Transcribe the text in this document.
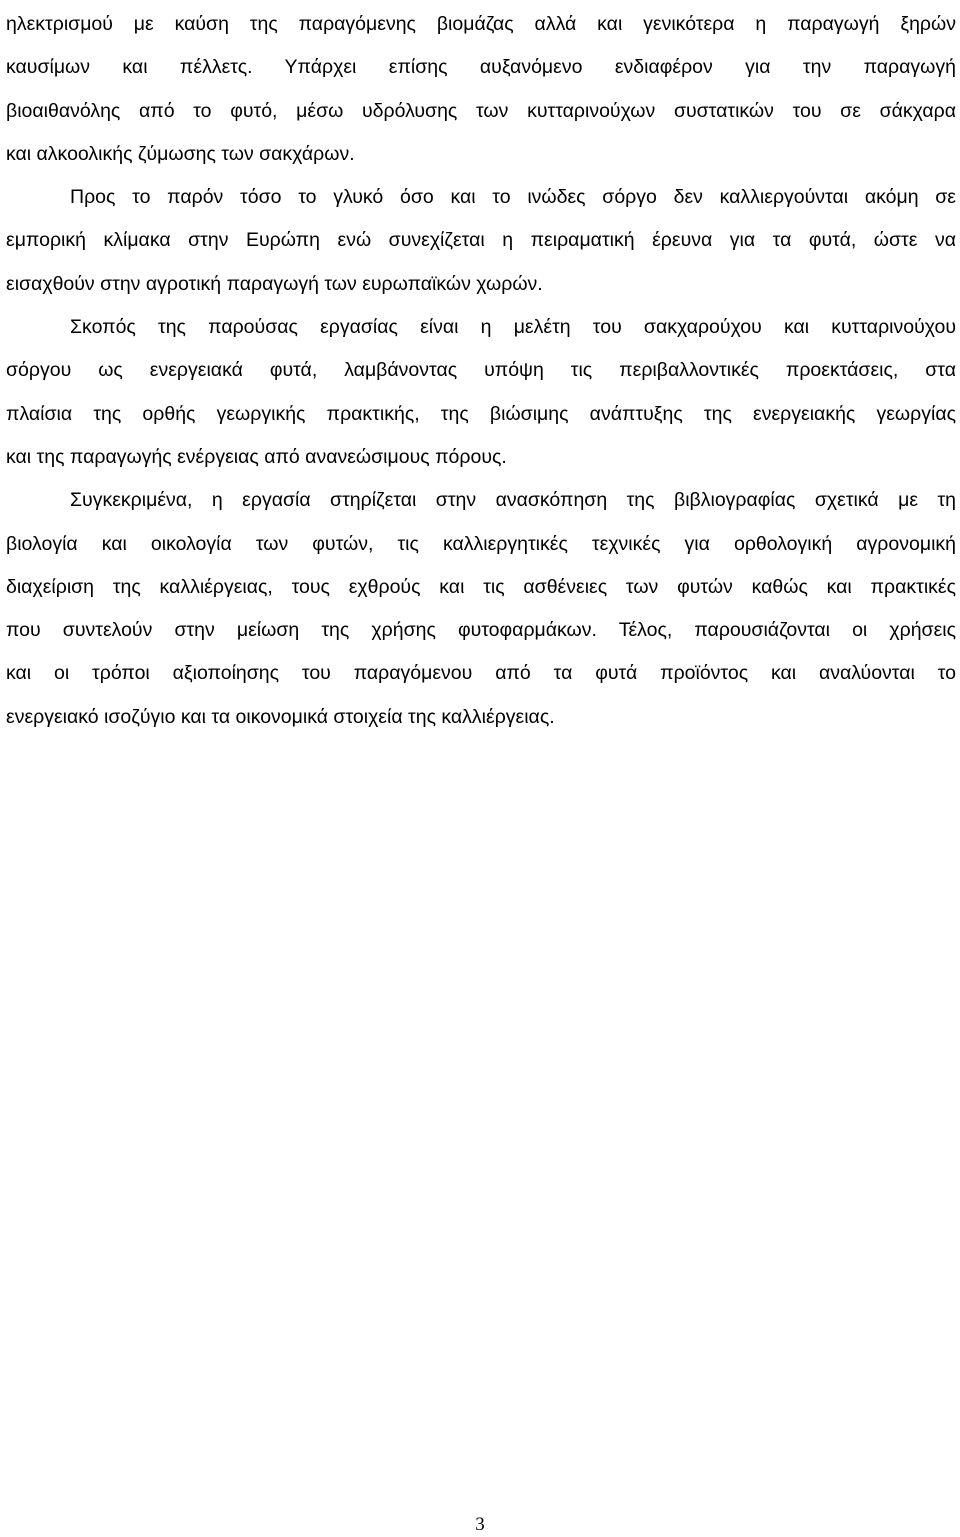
ηλεκτρισμού με καύση της παραγόμενης βιομάζας αλλά και γενικότερα η παραγωγή ξηρών
καυσίμων και πέλλετς. Υπάρχει επίσης αυξανόμενο ενδιαφέρον για την παραγωγή
βιοαιθανόλης από το φυτό, μέσω υδρόλυσης των κυτταρινούχων συστατικών του σε σάκχαρα
και αλκοολικής ζύμωσης των σακχάρων.

Προς το παρόν τόσο το γλυκό όσο και το ινώδες σόργο δεν καλλιεργούνται ακόμη σε
εμπορική κλίμακα στην Ευρώπη ενώ συνεχίζεται η πειραματική έρευνα για τα φυτά, ώστε να
εισαχθούν στην αγροτική παραγωγή των ευρωπαϊκών χωρών.

Σκοπός της παρούσας εργασίας είναι η μελέτη του σακχαρούχου και κυτταρινούχου
σόργου ως ενεργειακά φυτά, λαμβάνοντας υπόψη τις περιβαλλοντικές προεκτάσεις, στα
πλαίσια της ορθής γεωργικής πρακτικής, της βιώσιμης ανάπτυξης της ενεργειακής γεωργίας
και της παραγωγής ενέργειας από ανανεώσιμους πόρους.

Συγκεκριμένα, η εργασία στηρίζεται στην ανασκόπηση της βιβλιογραφίας σχετικά με τη
βιολογία και οικολογία των φυτών, τις καλλιεργητικές τεχνικές για ορθολογική αγρονομική
διαχείριση της καλλιέργειας, τους εχθρούς και τις ασθένειες των φυτών καθώς και πρακτικές
που συντελούν στην μείωση της χρήσης φυτοφαρμάκων. Τέλος, παρουσιάζονται οι χρήσεις
και οι τρόποι αξιοποίησης του παραγόμενου από τα φυτά προϊόντος και αναλύονται το
ενεργειακό ισοζύγιο και τα οικονομικά στοιχεία της καλλιέργειας.

3
